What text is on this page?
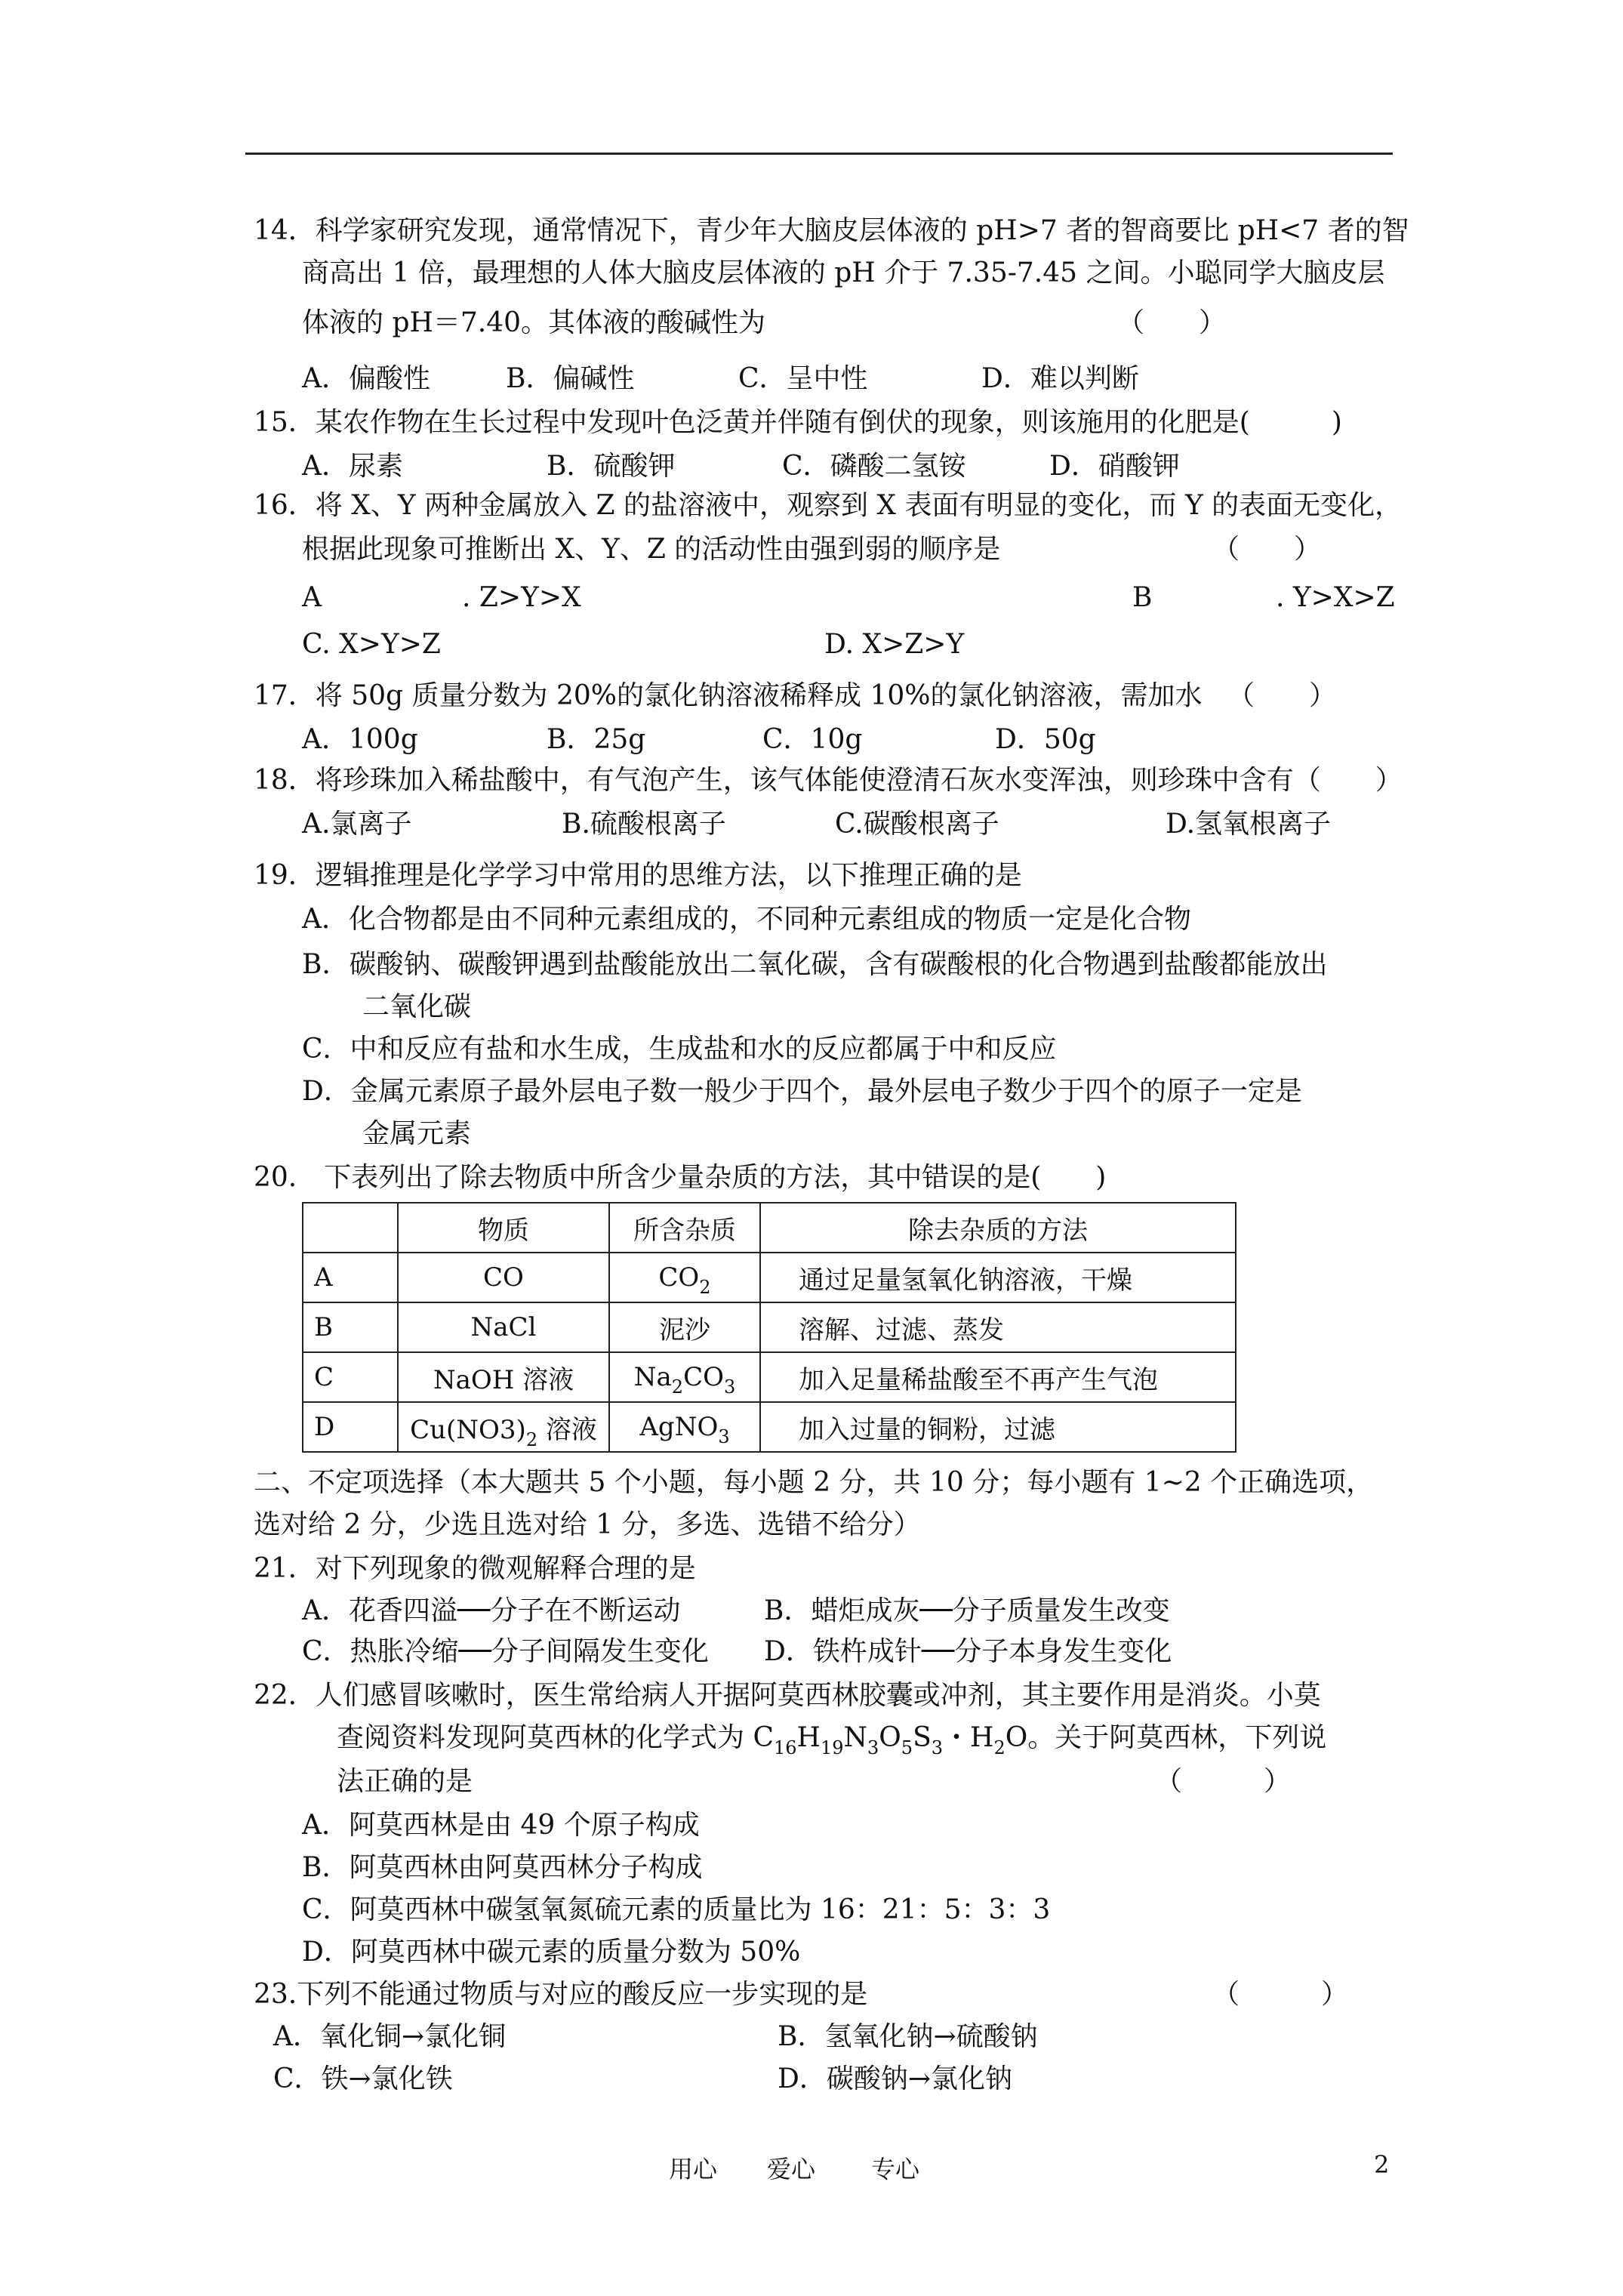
14．科学家研究发现，通常情况下，青少年大脑皮层体液的 pH>7 者的智商要比 pH<7 者的智
商高出 1 倍，最理想的人体大脑皮层体液的 pH 介于 7.35-7.45 之间。小聪同学大脑皮层
体液的 pH＝7.40。其体液的酸碱性为	（　　）
A．偏酸性	B．偏碱性	C．呈中性	D．难以判断
15．某农作物在生长过程中发现叶色泛黄并伴随有倒伏的现象，则该施用的化肥是(　　　)
A．尿素	B．硫酸钾	C．磷酸二氢铵	D．硝酸钾
16．将 X、Y 两种金属放入 Z 的盐溶液中，观察到 X 表面有明显的变化，而 Y 的表面无变化，
根据此现象可推断出 X、Y、Z 的活动性由强到弱的顺序是	（　　）
A	. Z>Y>X	B	. Y>X>Z
C. X>Y>Z	D. X>Z>Y
17．将 50g 质量分数为 20%的氯化钠溶液稀释成 10%的氯化钠溶液，需加水 （　　）
A．100g	B．25g	C．10g	D．50g
18．将珍珠加入稀盐酸中，有气泡产生，该气体能使澄清石灰水变浑浊，则珍珠中含有（　　）
A.氯离子	B.硫酸根离子	C.碳酸根离子	D.氢氧根离子
19．逻辑推理是化学学习中常用的思维方法，以下推理正确的是
A．化合物都是由不同种元素组成的，不同种元素组成的物质一定是化合物
B．碳酸钠、碳酸钾遇到盐酸能放出二氧化碳，含有碳酸根的化合物遇到盐酸都能放出
二氧化碳
C．中和反应有盐和水生成，生成盐和水的反应都属于中和反应
D．金属元素原子最外层电子数一般少于四个，最外层电子数少于四个的原子一定是
金属元素
20.　下表列出了除去物质中所含少量杂质的方法，其中错误的是(　　)
	物质	所含杂质	除去杂质的方法
A	CO	$CO_2$	通过足量氢氧化钠溶液，干燥
B	NaCl	泥沙	溶解、过滤、蒸发
C	NaOH 溶液	$Na_2CO_3$	加入足量稀盐酸至不再产生气泡
D	$Cu(NO3)_2$ 溶液	AgNO$_3$	加入过量的铜粉，过滤
二、不定项选择（本大题共 5 个小题，每小题 2 分，共 10 分；每小题有 1~2 个正确选项，
选对给 2 分，少选且选对给 1 分，多选、选错不给分）
21．对下列现象的微观解释合理的是
A．花香四溢──分子在不断运动	B．蜡炬成灰──分子质量发生改变
C．热胀冷缩──分子间隔发生变化 D．铁杵成针──分子本身发生变化
22．人们感冒咳嗽时，医生常给病人开据阿莫西林胶囊或冲剂，其主要作用是消炎。小莫
查阅资料发现阿莫西林的化学式为 $C_{16}H_{19}N_3O_5S_3$・$H_2O$。关于阿莫西林，下列说
法正确的是	（　　　）
A．阿莫西林是由 49 个原子构成
B．阿莫西林由阿莫西林分子构成
C．阿莫西林中碳氢氧氮硫元素的质量比为 16：21：5：3：3
D．阿莫西林中碳元素的质量分数为 50%
23.下列不能通过物质与对应的酸反应一步实现的是	（　　　）
A．氧化铜→氯化铜	B．氢氧化钠→硫酸钠
C．铁→氯化铁	D．碳酸钠→氯化钠
用心 爱心 专心	2
